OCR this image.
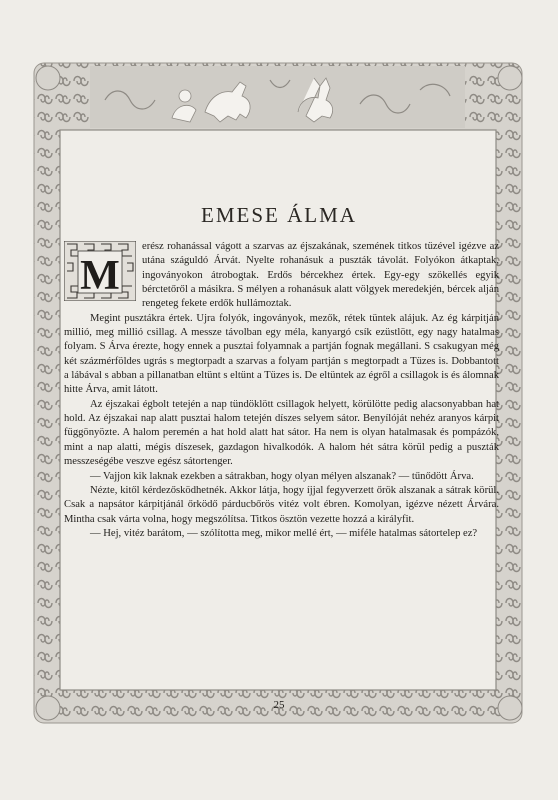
EMESE ÁLMA

M
erész rohanással vágott a szarvas az éjszakának, szemének titkos tüzével igézve az utána száguldó Árvát. Nyelte rohanásuk a puszták távolát. Folyókon átkaptak, ingoványokon átrobogtak. Erdős bércekhez értek. Egy-egy szökellés egyik bérctetőről a másikra. S mélyen a rohanásuk alatt völgyek meredekjén, bércek alján rengeteg fekete erdők hullámoztak.

Megint pusztákra értek. Ujra folyók, ingoványok, mezők, rétek tüntek alájuk. Az ég kárpitján millió, meg millió csillag. A messze távolban egy méla, kanyargó csík ezüstlött, egy nagy hatalmas folyam. S Árva érezte, hogy ennek a pusztai folyamnak a partján fognak megállani. S csakugyan még két százmérföldes ugrás s megtorpadt a szarvas a folyam partján s megtorpadt a Tüzes is. Dobbantott a lábával s abban a pillanatban eltünt s eltünt a Tüzes is. De eltüntek az égről a csillagok is és álomnak hitte Árva, amit látott.

Az éjszakai égbolt tetején a nap tündöklött csillagok helyett, körülötte pedig alacsonyabban hat hold. Az éjszakai nap alatt pusztai halom tetején díszes selyem sátor. Benyílóját nehéz aranyos kárpit függönyözte. A halom peremén a hat hold alatt hat sátor. Ha nem is olyan hatalmasak és pompázók, mint a nap alatti, mégis díszesek, gazdagon hivalkodók. A halom hét sátra körül pedig a puszták messzeségébe veszve egész sátortenger.

— Vajjon kik laknak ezekben a sátrakban, hogy olyan mélyen alszanak? — tűnődött Árva.

Nézte, kitől kérdezősködhetnék. Akkor látja, hogy íjjal fegyverzett őrök alszanak a sátrak körül. Csak a napsátor kárpitjánál őrködő párducbőrös vitéz volt ébren. Komolyan, igézve nézett Árvára. Mintha csak várta volna, hogy megszólítsa. Titkos ösztön vezette hozzá a királyfit.

— Hej, vitéz barátom, — szólította meg, mikor mellé ért, — miféle hatalmas sátortelep ez?

25
